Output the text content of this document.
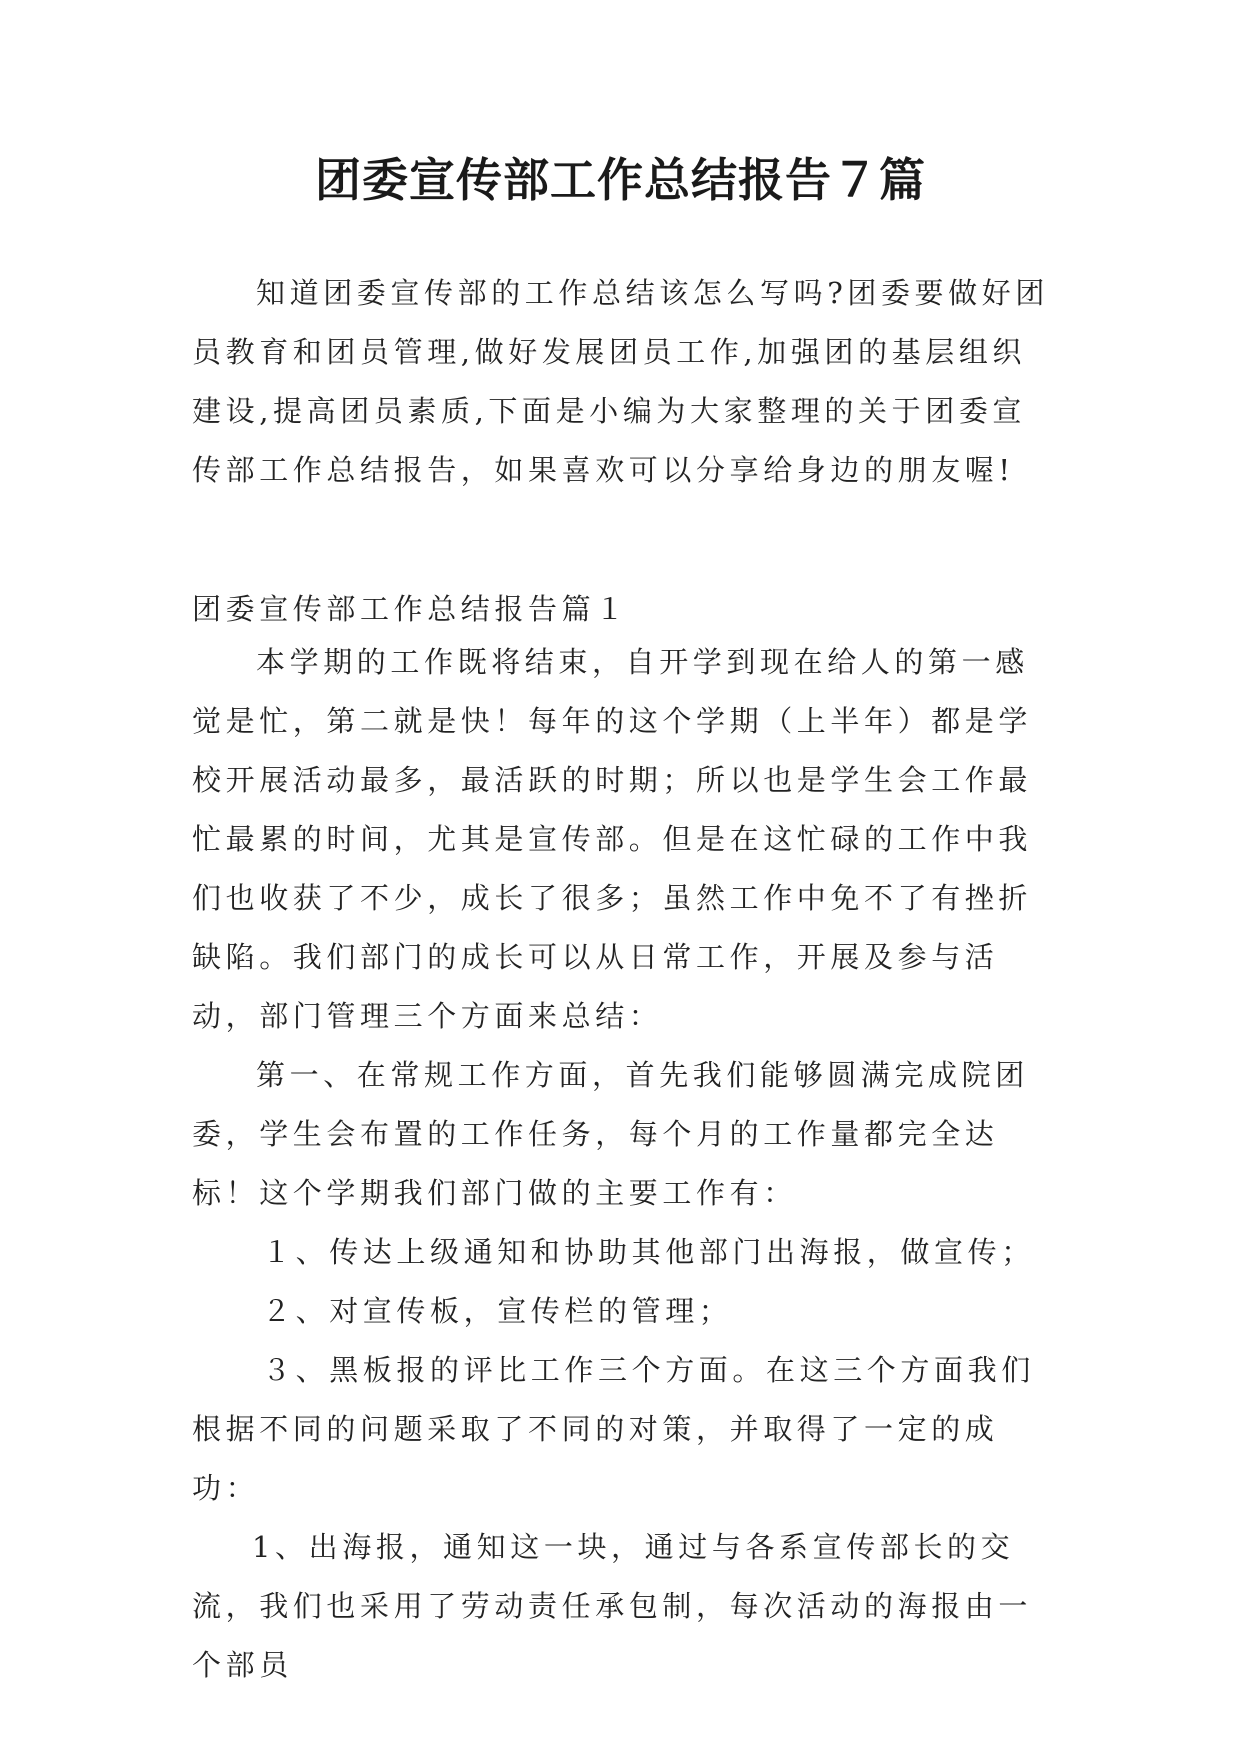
团委宣传部工作总结报告７篇

知道团委宣传部的工作总结该怎么写吗?团委要做好团员教育和团员管理,做好发展团员工作,加强团的基层组织建设,提高团员素质,下面是小编为大家整理的关于团委宣传部工作总结报告，如果喜欢可以分享给身边的朋友喔!

团委宣传部工作总结报告篇１

本学期的工作既将结束，自开学到现在给人的第一感觉是忙，第二就是快！每年的这个学期（上半年）都是学校开展活动最多，最活跃的时期；所以也是学生会工作最忙最累的时间，尤其是宣传部。但是在这忙碌的工作中我们也收获了不少，成长了很多；虽然工作中免不了有挫折缺陷。我们部门的成长可以从日常工作，开展及参与活动，部门管理三个方面来总结：

第一、在常规工作方面，首先我们能够圆满完成院团委，学生会布置的工作任务，每个月的工作量都完全达标！这个学期我们部门做的主要工作有：

１、传达上级通知和协助其他部门出海报，做宣传；

２、对宣传板，宣传栏的管理；

３、黑板报的评比工作三个方面。在这三个方面我们根据不同的问题采取了不同的对策，并取得了一定的成功：

1、出海报，通知这一块，通过与各系宣传部长的交流，我们也采用了劳动责任承包制，每次活动的海报由一个部员
